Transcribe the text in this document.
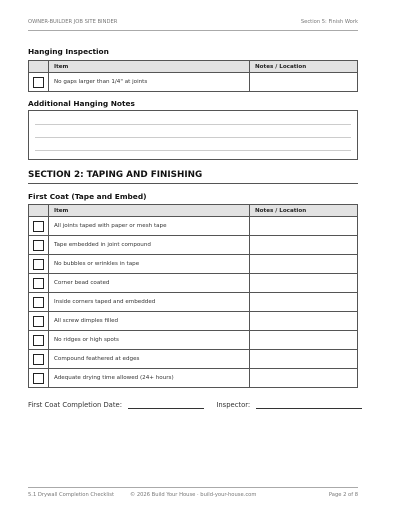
OWNER-BUILDER JOB SITE BINDER	Section 5: Finish Work
Hanging Inspection
	Item	Notes / Location

	No gaps larger than 1/4" at joints	
Additional Hanging Notes
SECTION 2: TAPING AND FINISHING
First Coat (Tape and Embed)
	Item	Notes / Location

	All joints taped with paper or mesh tape	

	Tape embedded in joint compound	

	No bubbles or wrinkles in tape	

	Corner bead coated	

	Inside corners taped and embedded	

	All screw dimples filled	

	No ridges or high spots	

	Compound feathered at edges	

	Adequate drying time allowed (24+ hours)	
First Coat Completion Date:	Inspector:
5.1 Drywall Completion Checklist	© 2026 Build Your House · build-your-house.com	Page 2 of 8
